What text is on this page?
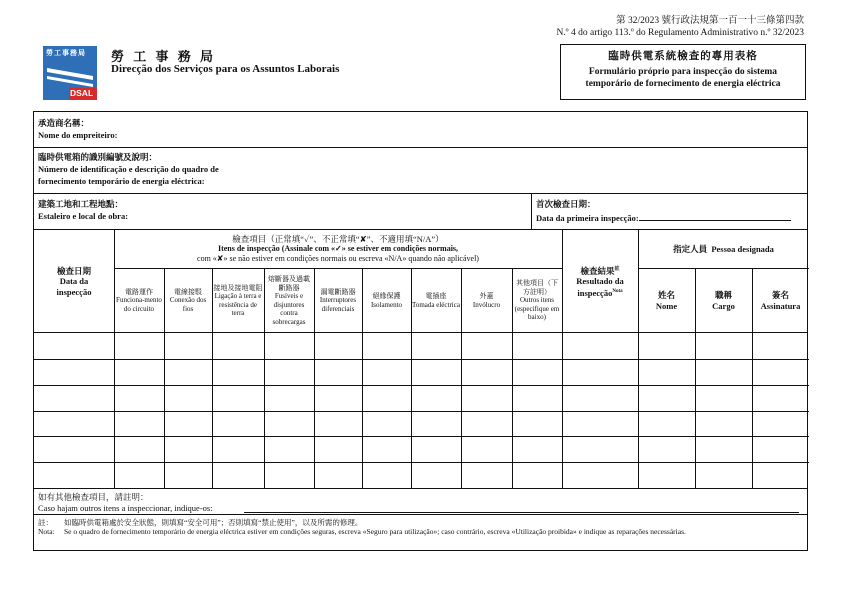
第 32/2023 號行政法規第一百一十三條第四款
N.º 4 do artigo 113.º do Regulamento Administrativo n.º 32/2023
勞工事務局
DSAL
勞 工 事 務 局
Direcção dos Serviços para os Assuntos Laborais
臨時供電系統檢查的專用表格
Formulário próprio para inspecção do sistema
temporário de fornecimento de energia eléctrica
承造商名稱：
Nome do empreiteiro:
臨時供電箱的識別編號及說明：
Número de identificação e descrição do quadro de
fornecimento temporário de energia eléctrica:
建築工地和工程地點：
Estaleiro e local de obra:
首次檢查日期：
Data da primeira inspecção:
檢查日期
Data da
inspecção
檢查項目（正常填“✓”、不正常填“✘”、不適用填“N/A”）
Itens de inspecção (Assinale com «✓» se estiver em condições normais,
com «✘» se não estiver em condições normais ou escreva «N/A» quando não aplicável)
檢查結果$^註$
Resultado da
inspecção$^{Nota}$
指定人員 Pessoa designada
電路運作
Funciona-mento do circuito
電線接駁
Conexão dos fios
接地及接地電阻
Ligação à terra e resistência de terra
熔斷器及過載斷路器
Fusíveis e disjuntores contra sobrecargas
漏電斷路器
Interruptores diferenciais
絕緣保護
Isolamento
電插座
Tomada eléctrica
外蓋
Invólucro
其他項目（下方註明）
Outros itens (especifique em baixo)
姓名
Nome
職稱
Cargo
簽名
Assinatura
如有其他檢查項目，請註明：
Caso hajam outros itens a inspeccionar, indique-os:
註：	如臨時供電箱處於安全狀態，則填寫“安全可用”；否則填寫“禁止使用”，以及所需的修理。
Nota:	Se o quadro de fornecimento temporário de energia eléctrica estiver em condições seguras, escreva «Seguro para utilização»; caso contrário, escreva «Utilização proibida» e indique as reparações necessárias.
